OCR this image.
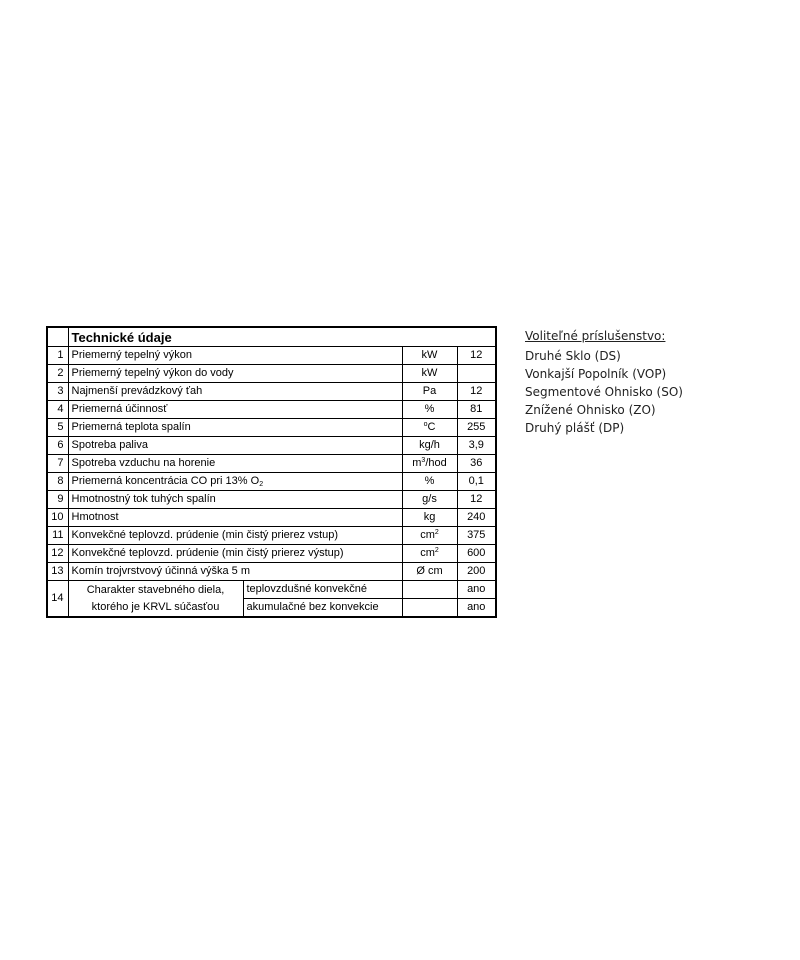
	Technické údaje			
1	Priemerný tepelný výkon		kW	12
2	Priemerný tepelný výkon do vody		kW	
3	Najmenší prevádzkový ťah		Pa	12
4	Priemerná účinnosť		%	81
5	Priemerná teplota spalín		$^o$C	255
6	Spotreba paliva		kg/h	3,9
7	Spotreba vzduchu na horenie		$m^3$/hod	36
8	Priemerná koncentrácia CO pri 13% O2		%	0,1
9	Hmotnostný tok tuhých spalín		g/s	12
10	Hmotnost		kg	240
11	Konvekčné teplovzd. prúdenie (min čistý prierez vstup)		$cm^2$	375
12	Konvekčné teplovzd. prúdenie (min čistý prierez výstup)		$cm^2$	600
13	Komín trojvrstvový účinná výška 5 m		Ø cm	200
14	Charakter stavebného diela,
ktorého je KRVL súčasťou	teplovzdušné konvekčné		ano
		akumulačné bez konvekcie		ano
Voliteľné príslušenstvo:
Druhé Sklo (DS)
Vonkajší Popolník (VOP)
Segmentové Ohnisko (SO)
Znížené Ohnisko (ZO)
Druhý plášť (DP)
